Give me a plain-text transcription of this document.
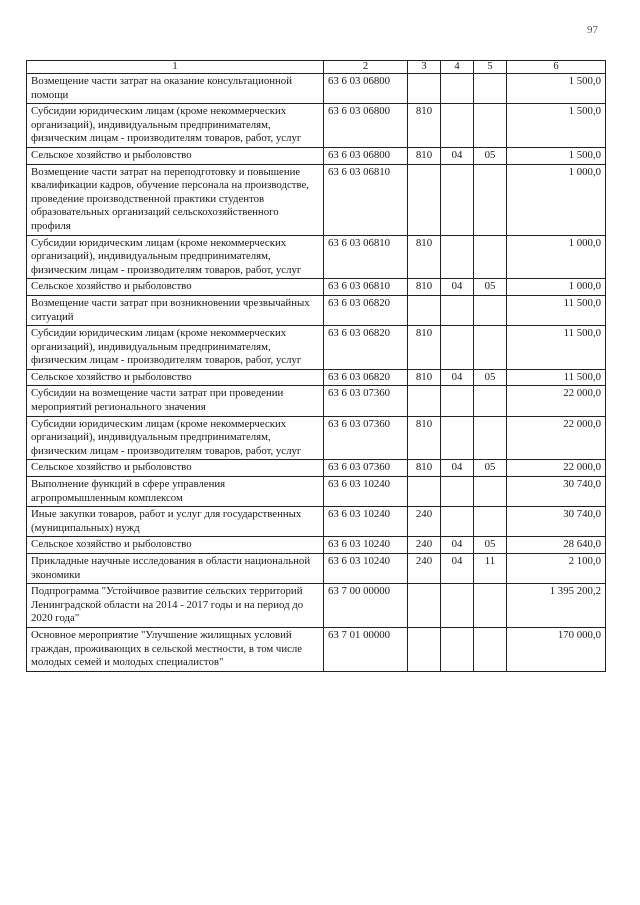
97
1	2	3	4	5	6
Возмещение части затрат на оказание консультационной помощи	63 6 03 06800				1 500,0
Субсидии юридическим лицам (кроме некоммерческих организаций), индивидуальным предпринимателям, физическим лицам - производителям товаров, работ, услуг	63 6 03 06800	810			1 500,0
Сельское хозяйство и рыболовство	63 6 03 06800	810	04	05	1 500,0
Возмещение части затрат на переподготовку и повышение квалификации кадров, обучение персонала на производстве, проведение производственной практики студентов образовательных организаций сельскохозяйственного профиля	63 6 03 06810				1 000,0
Субсидии юридическим лицам (кроме некоммерческих организаций), индивидуальным предпринимателям, физическим лицам - производителям товаров, работ, услуг	63 6 03 06810	810			1 000,0
Сельское хозяйство и рыболовство	63 6 03 06810	810	04	05	1 000,0
Возмещение части затрат при возникновении чрезвычайных ситуаций	63 6 03 06820				11 500,0
Субсидии юридическим лицам (кроме некоммерческих организаций), индивидуальным предпринимателям, физическим лицам - производителям товаров, работ, услуг	63 6 03 06820	810			11 500,0
Сельское хозяйство и рыболовство	63 6 03 06820	810	04	05	11 500,0
Субсидии на возмещение части затрат при проведении мероприятий регионального значения	63 6 03 07360				22 000,0
Субсидии юридическим лицам (кроме некоммерческих организаций), индивидуальным предпринимателям, физическим лицам - производителям товаров, работ, услуг	63 6 03 07360	810			22 000,0
Сельское хозяйство и рыболовство	63 6 03 07360	810	04	05	22 000,0
Выполнение функций в сфере управления агропромышленным комплексом	63 6 03 10240				30 740,0
Иные закупки товаров, работ и услуг для государственных (муниципальных) нужд	63 6 03 10240	240			30 740,0
Сельское хозяйство и рыболовство	63 6 03 10240	240	04	05	28 640,0
Прикладные научные исследования в области национальной экономики	63 6 03 10240	240	04	11	2 100,0
Подпрограмма "Устойчивое развитие сельских территорий Ленинградской области на 2014 - 2017 годы и на период до 2020 года"	63 7 00 00000				1 395 200,2
Основное мероприятие "Улучшение жилищных условий граждан, проживающих в сельской местности, в том числе молодых семей и молодых специалистов"	63 7 01 00000				170 000,0
